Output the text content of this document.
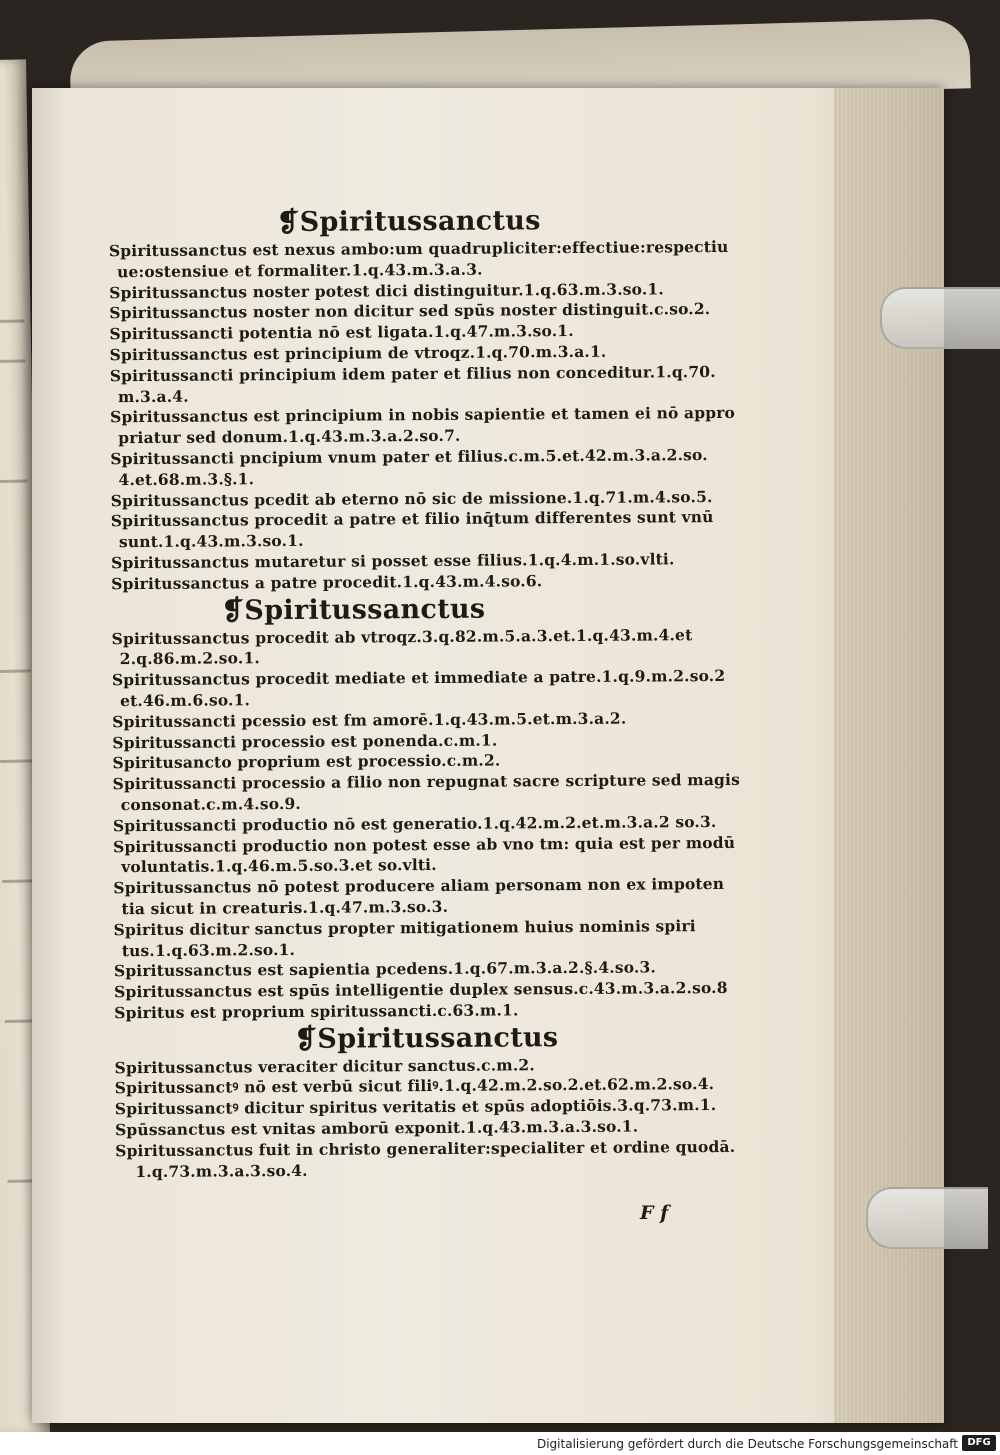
❡Spiritussanctus

Spiritussanctus est nexus ambo:um quadrupliciter:effectiue:respectiu

ue:ostensiue et formaliter.1.q.43.m.3.a.3.

Spiritussanctus noster potest dici distinguitur.1.q.63.m.3.so.1.

Spiritussanctus noster non dicitur sed spūs noster distinguit.c.so.2.

Spiritussancti potentia nō est ligata.1.q.47.m.3.so.1.

Spiritussanctus est principium de vtroqz.1.q.70.m.3.a.1.

Spiritussancti principium idem pater et filius non conceditur.1.q.70.

m.3.a.4.

Spiritussanctus est principium in nobis sapientie et tamen ei nō appro

priatur sed donum.1.q.43.m.3.a.2.so.7.

Spiritussancti pncipium vnum pater et filius.c.m.5.et.42.m.3.a.2.so.

4.et.68.m.3.§.1.

Spiritussanctus pcedit ab eterno nō sic de missione.1.q.71.m.4.so.5.

Spiritussanctus procedit a patre et filio inq̄tum differentes sunt vnū

sunt.1.q.43.m.3.so.1.

Spiritussanctus mutaretur si posset esse filius.1.q.4.m.1.so.vlti.

Spiritussanctus a patre procedit.1.q.43.m.4.so.6.

❡Spiritussanctus

Spiritussanctus procedit ab vtroqz.3.q.82.m.5.a.3.et.1.q.43.m.4.et

2.q.86.m.2.so.1.

Spiritussanctus procedit mediate et immediate a patre.1.q.9.m.2.so.2

et.46.m.6.so.1.

Spiritussancti pcessio est fm amorē.1.q.43.m.5.et.m.3.a.2.

Spiritussancti processio est ponenda.c.m.1.

Spiritusancto proprium est processio.c.m.2.

Spiritussancti processio a filio non repugnat sacre scripture sed magis

consonat.c.m.4.so.9.

Spiritussancti productio nō est generatio.1.q.42.m.2.et.m.3.a.2 so.3.

Spiritussancti productio non potest esse ab vno tm: quia est per modū

voluntatis.1.q.46.m.5.so.3.et so.vlti.

Spiritussanctus nō potest producere aliam personam non ex impoten

tia sicut in creaturis.1.q.47.m.3.so.3.

Spiritus dicitur sanctus propter mitigationem huius nominis spiri

tus.1.q.63.m.2.so.1.

Spiritussanctus est sapientia pcedens.1.q.67.m.3.a.2.§.4.so.3.

Spiritussanctus est spūs intelligentie duplex sensus.c.43.m.3.a.2.so.8

Spiritus est proprium spiritussancti.c.63.m.1.

❡Spiritussanctus

Spiritussanctus veraciter dicitur sanctus.c.m.2.

Spiritussanctꝰ nō est verbū sicut filiꝰ.1.q.42.m.2.so.2.et.62.m.2.so.4.

Spiritussanctꝰ dicitur spiritus veritatis et spūs adoptiōis.3.q.73.m.1.

Spūssanctus est vnitas amborū exponit.1.q.43.m.3.a.3.so.1.

Spiritussanctus fuit in christo generaliter:specialiter et ordine quodā.

1.q.73.m.3.a.3.so.4.

F f
Digitalisierung gefördert durch die Deutsche Forschungsgemeinschaft DFG
